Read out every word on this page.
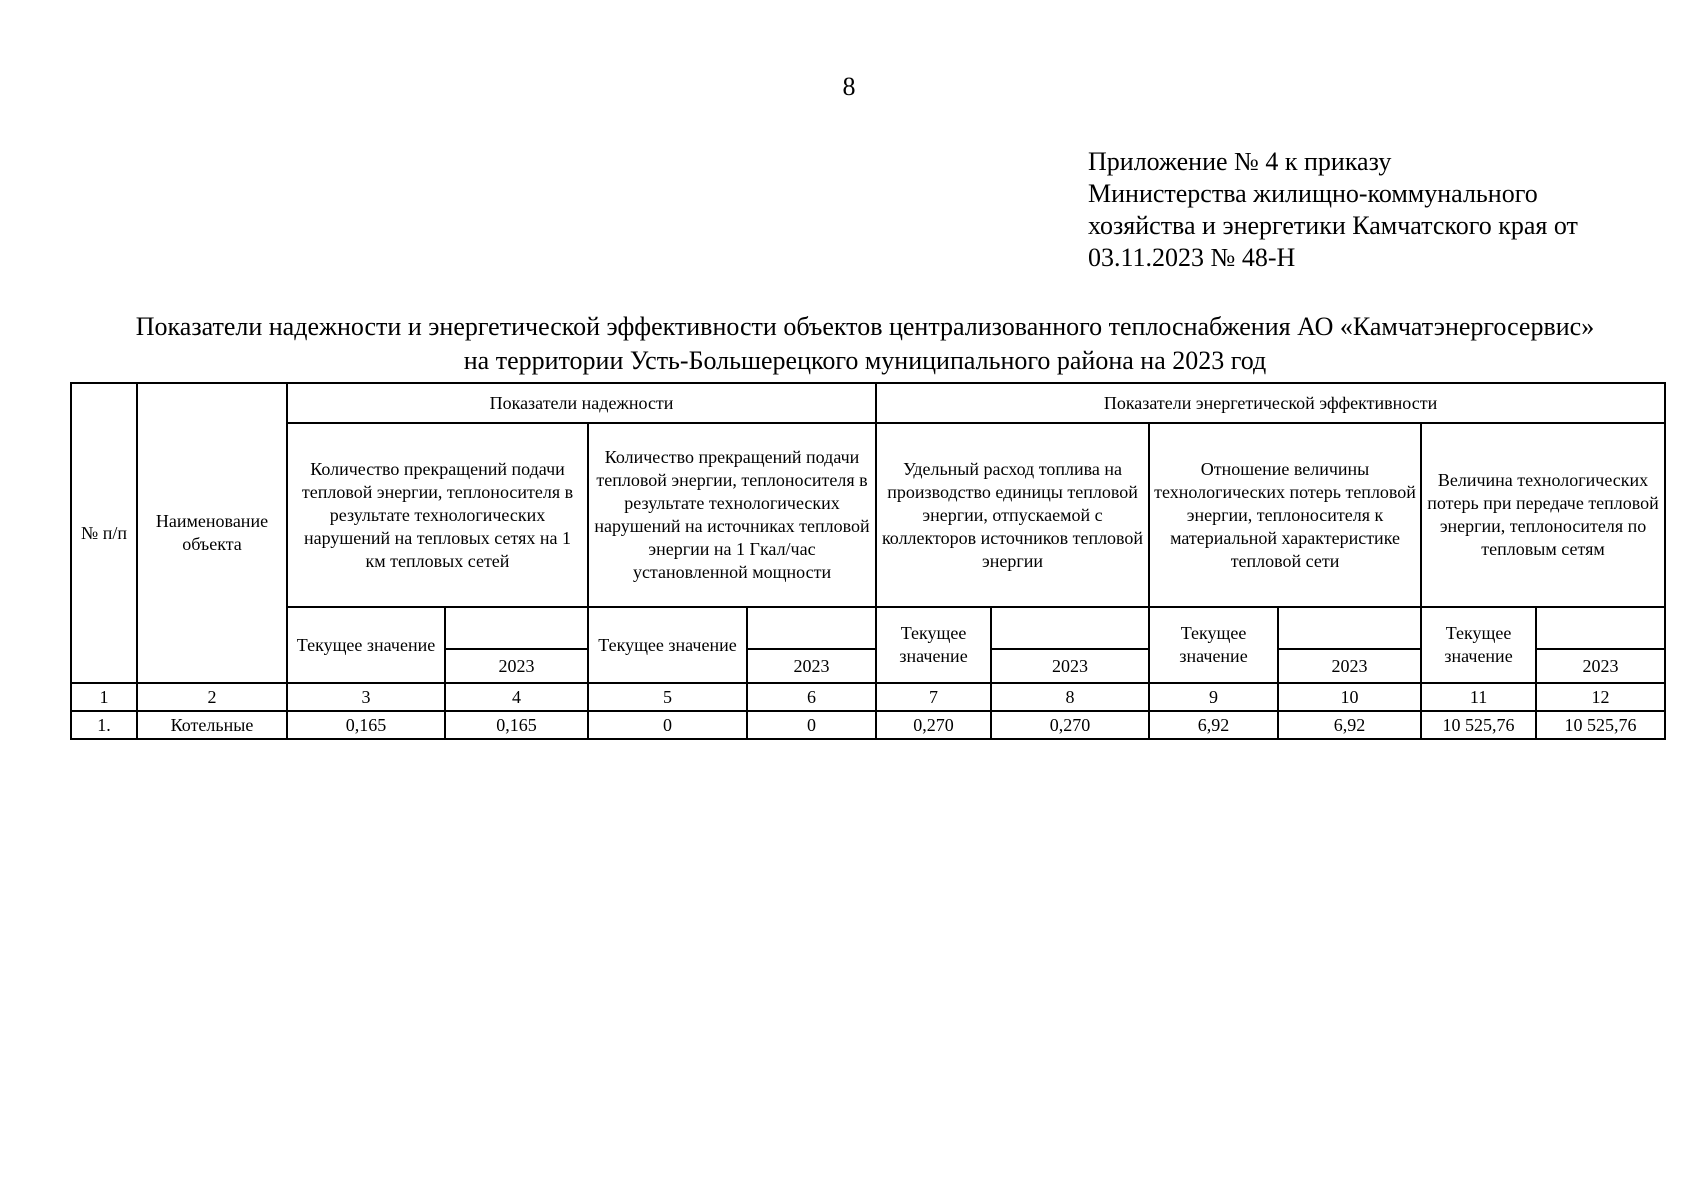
8
Приложение № 4 к приказу
Министерства жилищно-коммунального
хозяйства и энергетики Камчатского края от
03.11.2023 № 48-Н
Показатели надежности и энергетической эффективности объектов централизованного теплоснабжения АО «Камчатэнергосервис»
на территории Усть-Большерецкого муниципального района на 2023 год
№ п/п	Наименование объекта	Показатели надежности				Показатели энергетической эффективности					
		Количество прекращений подачи тепловой энергии, теплоносителя в результате технологических нарушений на тепловых сетях на 1 км тепловых сетей		Количество прекращений подачи тепловой энергии, теплоносителя в результате технологических нарушений на источниках тепловой энергии на 1 Гкал/час установленной мощности		Удельный расход топлива на производство единицы тепловой энергии, отпускаемой с коллекторов источников тепловой энергии		Отношение величины технологических потерь тепловой энергии, теплоносителя к материальной характеристике тепловой сети		Величина технологических потерь при передаче тепловой энергии, теплоносителя по тепловым сетям	
		Текущее значение		Текущее значение		Текущее значение		Текущее значение		Текущее значение	
			2023		2023		2023		2023		2023
1	2	3	4	5	6	7	8	9	10	11	12
1.	Котельные	0,165	0,165	0	0	0,270	0,270	6,92	6,92	10 525,76	10 525,76
